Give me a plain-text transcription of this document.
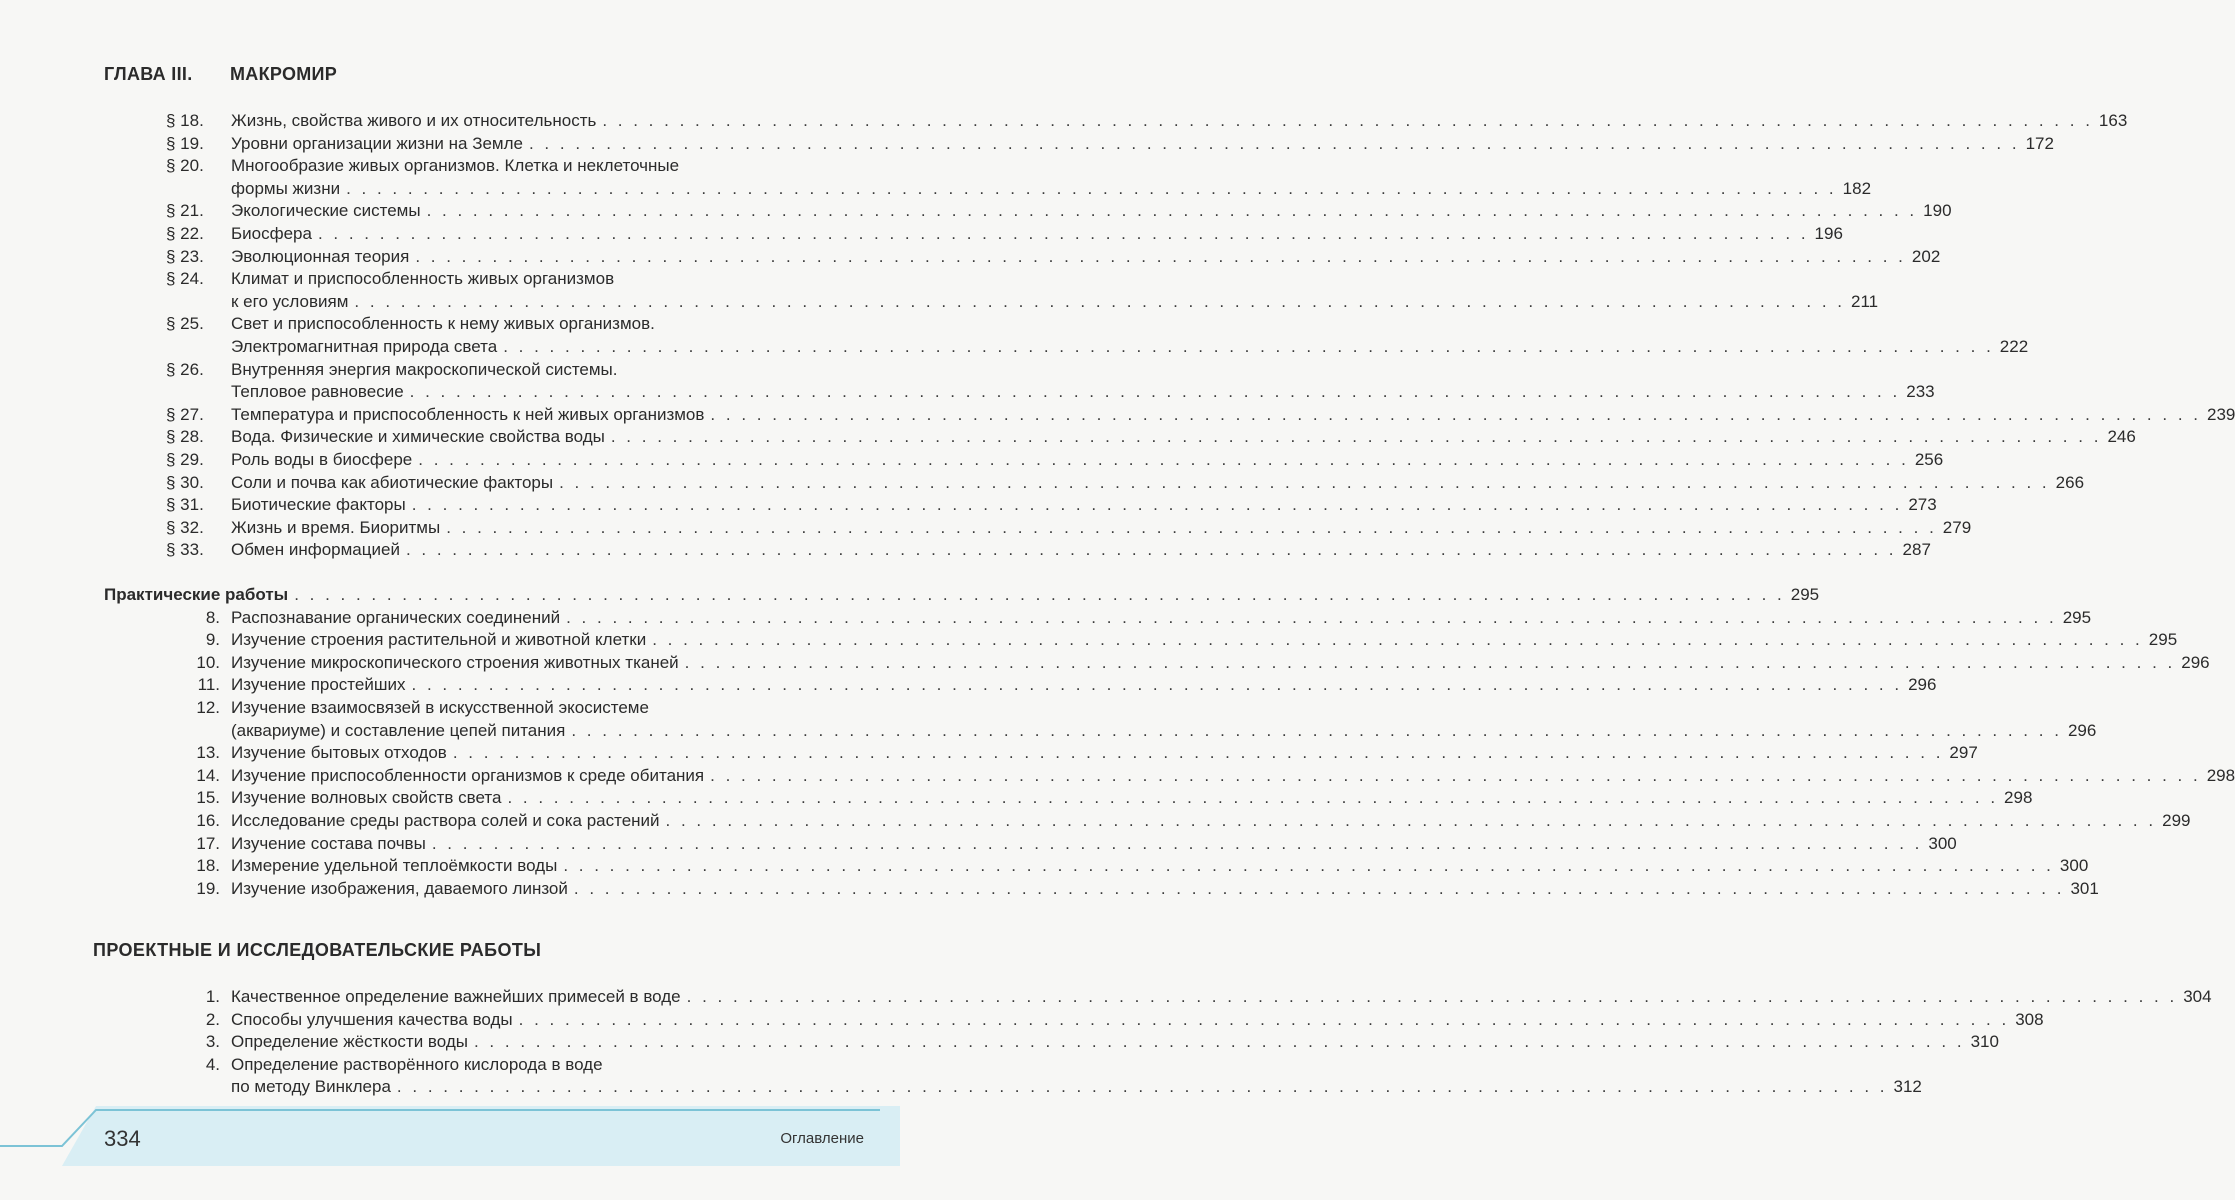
ГЛАВА III. МАКРОМИР
§ 18.	Жизнь, свойства живого и их относительность . . . . . . . . . . . . . . . . . . . . . . . . . . . . . . . . . . . . . . . . . . . . . . . . . . . . . . . . . . . . . . . . . . . . . . . . . . . . . . . . . . . . . . . . . . . . . . . . . 163
§ 19.	Уровни организации жизни на Земле . . . . . . . . . . . . . . . . . . . . . . . . . . . . . . . . . . . . . . . . . . . . . . . . . . . . . . . . . . . . . . . . . . . . . . . . . . . . . . . . . . . . . . . . . . . . . . . . . 172
§ 20.	Многообразие живых организмов. Клетка и неклеточные
формы жизни . . . . . . . . . . . . . . . . . . . . . . . . . . . . . . . . . . . . . . . . . . . . . . . . . . . . . . . . . . . . . . . . . . . . . . . . . . . . . . . . . . . . . . . . . . . . . . . . . 182
§ 21.	Экологические системы . . . . . . . . . . . . . . . . . . . . . . . . . . . . . . . . . . . . . . . . . . . . . . . . . . . . . . . . . . . . . . . . . . . . . . . . . . . . . . . . . . . . . . . . . . . . . . . . . 190
§ 22.	Биосфера . . . . . . . . . . . . . . . . . . . . . . . . . . . . . . . . . . . . . . . . . . . . . . . . . . . . . . . . . . . . . . . . . . . . . . . . . . . . . . . . . . . . . . . . . . . . . . . . . 196
§ 23.	Эволюционная теория . . . . . . . . . . . . . . . . . . . . . . . . . . . . . . . . . . . . . . . . . . . . . . . . . . . . . . . . . . . . . . . . . . . . . . . . . . . . . . . . . . . . . . . . . . . . . . . . . 202
§ 24.	Климат и приспособленность живых организмов
к его условиям . . . . . . . . . . . . . . . . . . . . . . . . . . . . . . . . . . . . . . . . . . . . . . . . . . . . . . . . . . . . . . . . . . . . . . . . . . . . . . . . . . . . . . . . . . . . . . . . . 211
§ 25.	Свет и приспособленность к нему живых организмов.
Электромагнитная природа света . . . . . . . . . . . . . . . . . . . . . . . . . . . . . . . . . . . . . . . . . . . . . . . . . . . . . . . . . . . . . . . . . . . . . . . . . . . . . . . . . . . . . . . . . . . . . . . . . 222
§ 26.	Внутренняя энергия макроскопической системы.
Тепловое равновесие . . . . . . . . . . . . . . . . . . . . . . . . . . . . . . . . . . . . . . . . . . . . . . . . . . . . . . . . . . . . . . . . . . . . . . . . . . . . . . . . . . . . . . . . . . . . . . . . . 233
§ 27.	Температура и приспособленность к ней живых организмов . . . . . . . . . . . . . . . . . . . . . . . . . . . . . . . . . . . . . . . . . . . . . . . . . . . . . . . . . . . . . . . . . . . . . . . . . . . . . . . . . . . . . . . . . . . . . . . . . 239
§ 28.	Вода. Физические и химические свойства воды . . . . . . . . . . . . . . . . . . . . . . . . . . . . . . . . . . . . . . . . . . . . . . . . . . . . . . . . . . . . . . . . . . . . . . . . . . . . . . . . . . . . . . . . . . . . . . . . . 246
§ 29.	Роль воды в биосфере . . . . . . . . . . . . . . . . . . . . . . . . . . . . . . . . . . . . . . . . . . . . . . . . . . . . . . . . . . . . . . . . . . . . . . . . . . . . . . . . . . . . . . . . . . . . . . . . . 256
§ 30.	Соли и почва как абиотические факторы . . . . . . . . . . . . . . . . . . . . . . . . . . . . . . . . . . . . . . . . . . . . . . . . . . . . . . . . . . . . . . . . . . . . . . . . . . . . . . . . . . . . . . . . . . . . . . . . . 266
§ 31.	Биотические факторы . . . . . . . . . . . . . . . . . . . . . . . . . . . . . . . . . . . . . . . . . . . . . . . . . . . . . . . . . . . . . . . . . . . . . . . . . . . . . . . . . . . . . . . . . . . . . . . . . 273
§ 32.	Жизнь и время. Биоритмы . . . . . . . . . . . . . . . . . . . . . . . . . . . . . . . . . . . . . . . . . . . . . . . . . . . . . . . . . . . . . . . . . . . . . . . . . . . . . . . . . . . . . . . . . . . . . . . . . 279
§ 33.	Обмен информацией . . . . . . . . . . . . . . . . . . . . . . . . . . . . . . . . . . . . . . . . . . . . . . . . . . . . . . . . . . . . . . . . . . . . . . . . . . . . . . . . . . . . . . . . . . . . . . . . . 287
Практические работы . . . . . . . . . . . . . . . . . . . . . . . . . . . . . . . . . . . . . . . . . . . . . . . . . . . . . . . . . . . . . . . . . . . . . . . . . . . . . . . . . . . . . . . . . . . . . . . . . 295
8. Распознавание органических соединений . . . . . . . . . . . . . . . . . . . . . . . . . . . . . . . . . . . . . . . . . . . . . . . . . . . . . . . . . . . . . . . . . . . . . . . . . . . . . . . . . . . . . . . . . . . . . . . . . 295
9. Изучение строения растительной и животной клетки . . . . . . . . . . . . . . . . . . . . . . . . . . . . . . . . . . . . . . . . . . . . . . . . . . . . . . . . . . . . . . . . . . . . . . . . . . . . . . . . . . . . . . . . . . . . . . . . . 295
10. Изучение микроскопического строения животных тканей . . . . . . . . . . . . . . . . . . . . . . . . . . . . . . . . . . . . . . . . . . . . . . . . . . . . . . . . . . . . . . . . . . . . . . . . . . . . . . . . . . . . . . . . . . . . . . . . . 296
11. Изучение простейших . . . . . . . . . . . . . . . . . . . . . . . . . . . . . . . . . . . . . . . . . . . . . . . . . . . . . . . . . . . . . . . . . . . . . . . . . . . . . . . . . . . . . . . . . . . . . . . . . 296
12. Изучение взаимосвязей в искусственной экосистеме
(аквариуме) и составление цепей питания . . . . . . . . . . . . . . . . . . . . . . . . . . . . . . . . . . . . . . . . . . . . . . . . . . . . . . . . . . . . . . . . . . . . . . . . . . . . . . . . . . . . . . . . . . . . . . . . . 296
13. Изучение бытовых отходов . . . . . . . . . . . . . . . . . . . . . . . . . . . . . . . . . . . . . . . . . . . . . . . . . . . . . . . . . . . . . . . . . . . . . . . . . . . . . . . . . . . . . . . . . . . . . . . . . 297
14. Изучение приспособленности организмов к среде обитания . . . . . . . . . . . . . . . . . . . . . . . . . . . . . . . . . . . . . . . . . . . . . . . . . . . . . . . . . . . . . . . . . . . . . . . . . . . . . . . . . . . . . . . . . . . . . . . . . 298
15. Изучение волновых свойств света . . . . . . . . . . . . . . . . . . . . . . . . . . . . . . . . . . . . . . . . . . . . . . . . . . . . . . . . . . . . . . . . . . . . . . . . . . . . . . . . . . . . . . . . . . . . . . . . . 298
16. Исследование среды раствора солей и сока растений . . . . . . . . . . . . . . . . . . . . . . . . . . . . . . . . . . . . . . . . . . . . . . . . . . . . . . . . . . . . . . . . . . . . . . . . . . . . . . . . . . . . . . . . . . . . . . . . . 299
17. Изучение состава почвы . . . . . . . . . . . . . . . . . . . . . . . . . . . . . . . . . . . . . . . . . . . . . . . . . . . . . . . . . . . . . . . . . . . . . . . . . . . . . . . . . . . . . . . . . . . . . . . . . 300
18. Измерение удельной теплоёмкости воды . . . . . . . . . . . . . . . . . . . . . . . . . . . . . . . . . . . . . . . . . . . . . . . . . . . . . . . . . . . . . . . . . . . . . . . . . . . . . . . . . . . . . . . . . . . . . . . . . 300
19. Изучение изображения, даваемого линзой . . . . . . . . . . . . . . . . . . . . . . . . . . . . . . . . . . . . . . . . . . . . . . . . . . . . . . . . . . . . . . . . . . . . . . . . . . . . . . . . . . . . . . . . . . . . . . . . . 301
ПРОЕКТНЫЕ И ИССЛЕДОВАТЕЛЬСКИЕ РАБОТЫ
1. Качественное определение важнейших примесей в воде . . . . . . . . . . . . . . . . . . . . . . . . . . . . . . . . . . . . . . . . . . . . . . . . . . . . . . . . . . . . . . . . . . . . . . . . . . . . . . . . . . . . . . . . . . . . . . . . . 304
2. Способы улучшения качества воды . . . . . . . . . . . . . . . . . . . . . . . . . . . . . . . . . . . . . . . . . . . . . . . . . . . . . . . . . . . . . . . . . . . . . . . . . . . . . . . . . . . . . . . . . . . . . . . . . 308
3. Определение жёсткости воды . . . . . . . . . . . . . . . . . . . . . . . . . . . . . . . . . . . . . . . . . . . . . . . . . . . . . . . . . . . . . . . . . . . . . . . . . . . . . . . . . . . . . . . . . . . . . . . . . 310
4. Определение растворённого кислорода в воде
по методу Винклера . . . . . . . . . . . . . . . . . . . . . . . . . . . . . . . . . . . . . . . . . . . . . . . . . . . . . . . . . . . . . . . . . . . . . . . . . . . . . . . . . . . . . . . . . . . . . . . . . 312
334	Оглавление
